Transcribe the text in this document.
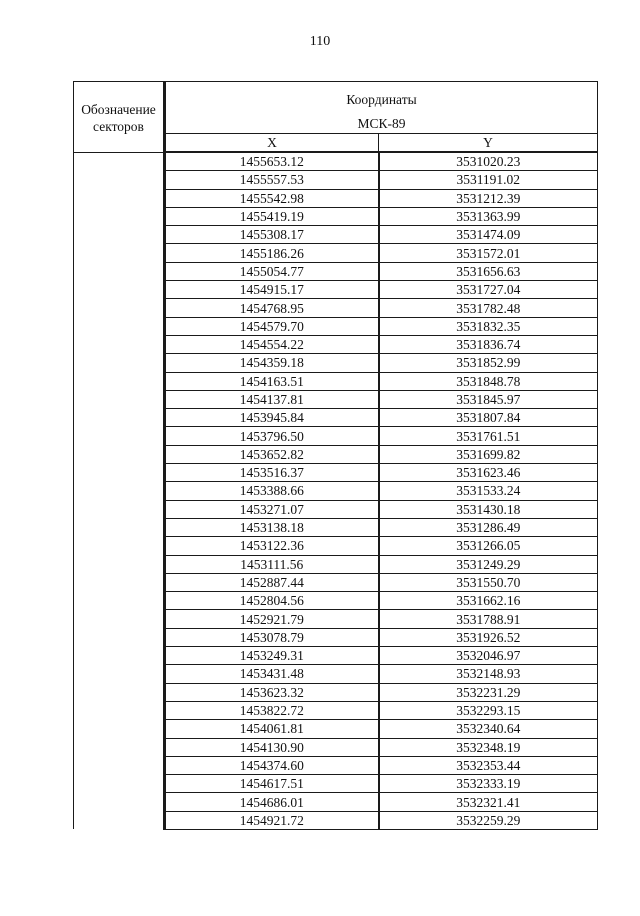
110
Обозначение
секторов	Координаты
МСК-89	

	X	Y
	1455653.12	3531020.23
	1455557.53	3531191.02
	1455542.98	3531212.39
	1455419.19	3531363.99
	1455308.17	3531474.09
	1455186.26	3531572.01
	1455054.77	3531656.63
	1454915.17	3531727.04
	1454768.95	3531782.48
	1454579.70	3531832.35
	1454554.22	3531836.74
	1454359.18	3531852.99
	1454163.51	3531848.78
	1454137.81	3531845.97
	1453945.84	3531807.84
	1453796.50	3531761.51
	1453652.82	3531699.82
	1453516.37	3531623.46
	1453388.66	3531533.24
	1453271.07	3531430.18
	1453138.18	3531286.49
	1453122.36	3531266.05
	1453111.56	3531249.29
	1452887.44	3531550.70
	1452804.56	3531662.16
	1452921.79	3531788.91
	1453078.79	3531926.52
	1453249.31	3532046.97
	1453431.48	3532148.93
	1453623.32	3532231.29
	1453822.72	3532293.15
	1454061.81	3532340.64
	1454130.90	3532348.19
	1454374.60	3532353.44
	1454617.51	3532333.19
	1454686.01	3532321.41
	1454921.72	3532259.29
